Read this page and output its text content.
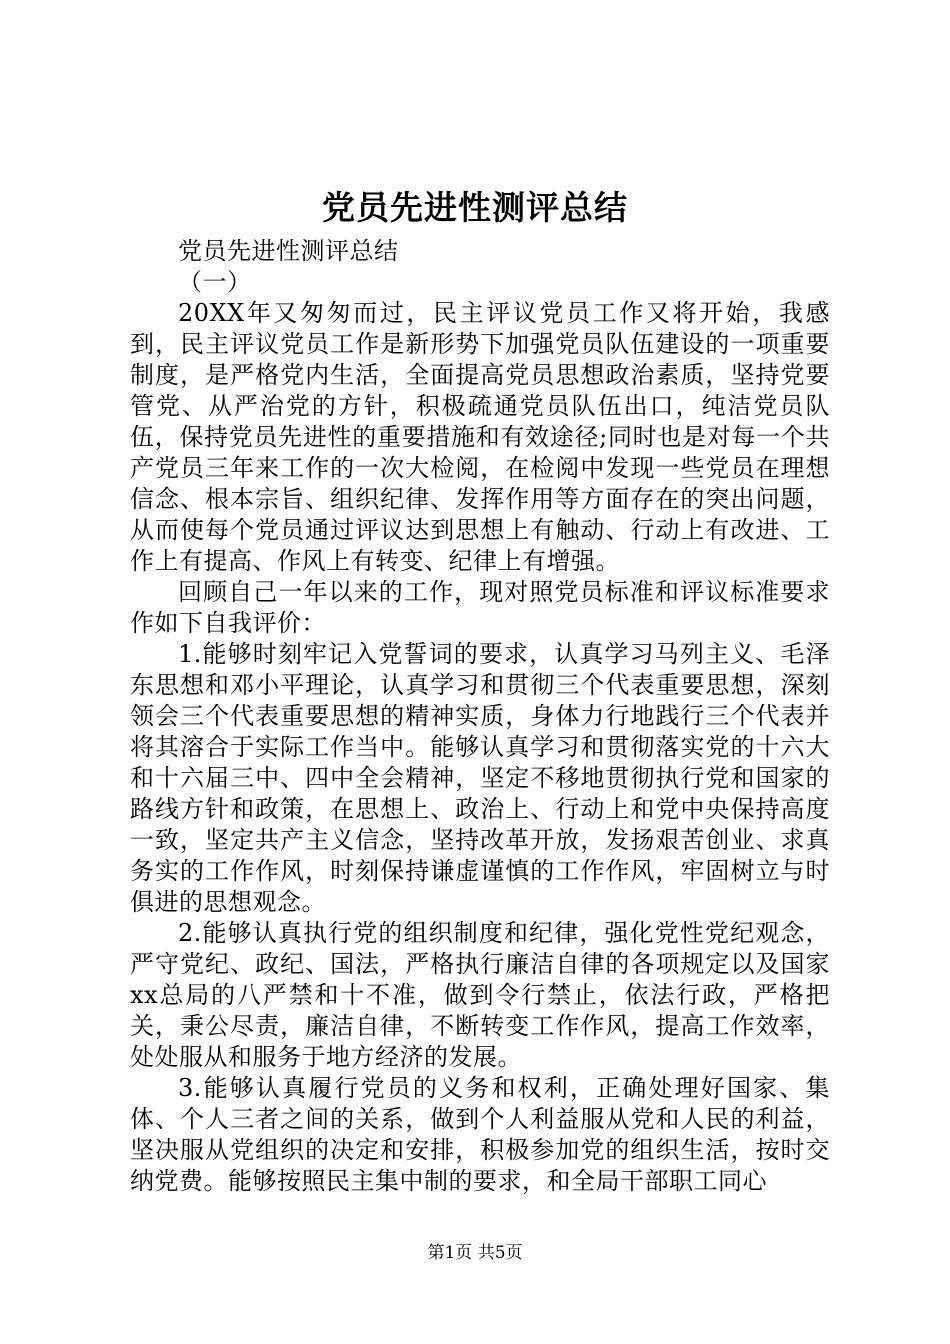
党员先进性测评总结

党员先进性测评总结

（一）

20XX年又匆匆而过，民主评议党员工作又将开始，我感到，民主评议党员工作是新形势下加强党员队伍建设的一项重要制度，是严格党内生活，全面提高党员思想政治素质，坚持党要管党、从严治党的方针，积极疏通党员队伍出口，纯洁党员队伍，保持党员先进性的重要措施和有效途径;同时也是对每一个共产党员三年来工作的一次大检阅，在检阅中发现一些党员在理想信念、根本宗旨、组织纪律、发挥作用等方面存在的突出问题，从而使每个党员通过评议达到思想上有触动、行动上有改进、工作上有提高、作风上有转变、纪律上有增强。

回顾自己一年以来的工作，现对照党员标准和评议标准要求作如下自我评价：

1.能够时刻牢记入党誓词的要求，认真学习马列主义、毛泽东思想和邓小平理论，认真学习和贯彻三个代表重要思想，深刻领会三个代表重要思想的精神实质，身体力行地践行三个代表并将其溶合于实际工作当中。能够认真学习和贯彻落实党的十六大和十六届三中、四中全会精神，坚定不移地贯彻执行党和国家的路线方针和政策，在思想上、政治上、行动上和党中央保持高度一致，坚定共产主义信念，坚持改革开放，发扬艰苦创业、求真务实的工作作风，时刻保持谦虚谨慎的工作作风，牢固树立与时俱进的思想观念。

2.能够认真执行党的组织制度和纪律，强化党性党纪观念，严守党纪、政纪、国法，严格执行廉洁自律的各项规定以及国家xx总局的八严禁和十不准，做到令行禁止，依法行政，严格把关，秉公尽责，廉洁自律，不断转变工作作风，提高工作效率，处处服从和服务于地方经济的发展。

3.能够认真履行党员的义务和权利，正确处理好国家、集体、个人三者之间的关系，做到个人利益服从党和人民的利益，坚决服从党组织的决定和安排，积极参加党的组织生活，按时交纳党费。能够按照民主集中制的要求，和全局干部职工同心

第1页 共5页
